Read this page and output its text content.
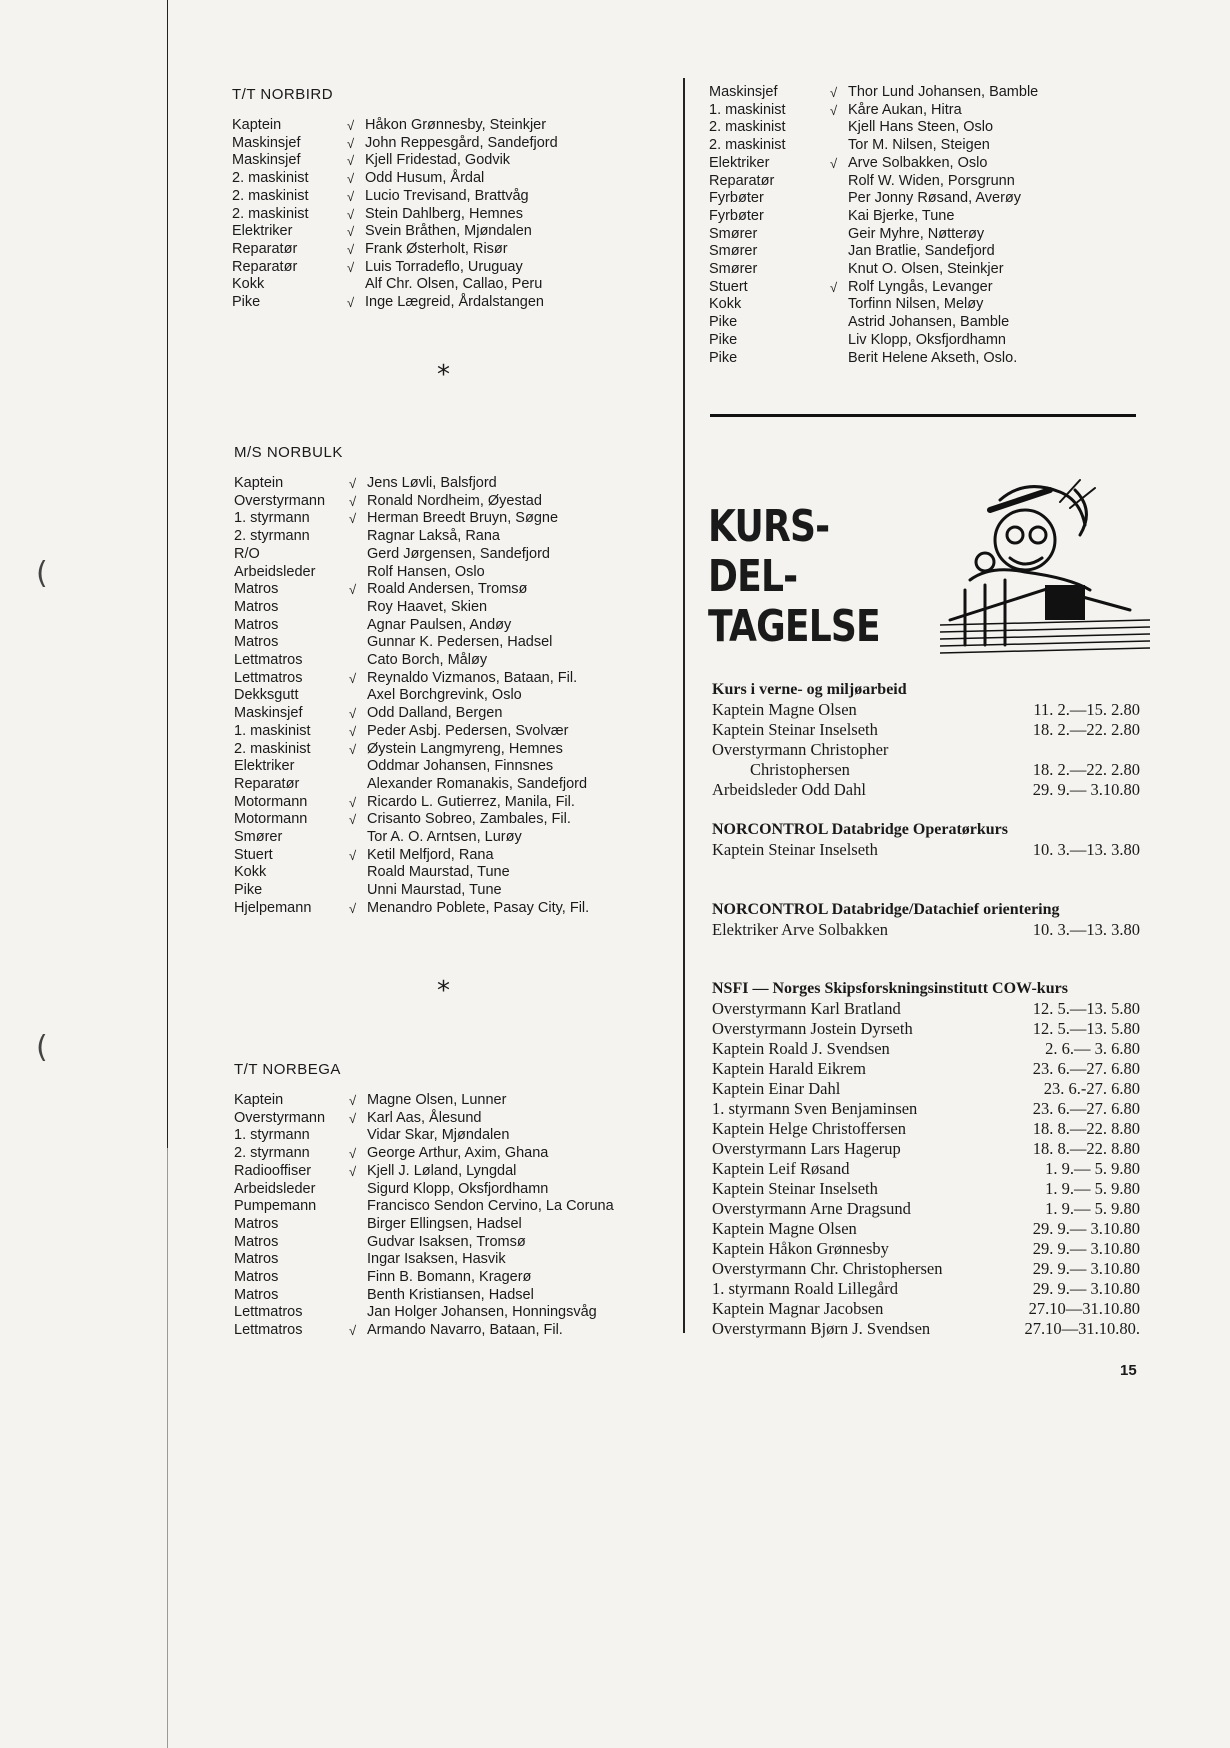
(
(
T/T NORBIRD
Kaptein	√	Håkon Grønnesby, Steinkjer
Maskinsjef	√	John Reppesgård, Sandefjord
Maskinsjef	√	Kjell Fridestad, Godvik
2. maskinist	√	Odd Husum, Årdal
2. maskinist	√	Lucio Trevisand, Brattvåg
2. maskinist	√	Stein Dahlberg, Hemnes
Elektriker	√	Svein Bråthen, Mjøndalen
Reparatør	√	Frank Østerholt, Risør
Reparatør	√	Luis Torradeflo, Uruguay
Kokk		Alf Chr. Olsen, Callao, Peru
Pike	√	Inge Lægreid, Årdalstangen
Maskinsjef	√	Thor Lund Johansen, Bamble
1. maskinist	√	Kåre Aukan, Hitra
2. maskinist		Kjell Hans Steen, Oslo
2. maskinist		Tor M. Nilsen, Steigen
Elektriker	√	Arve Solbakken, Oslo
Reparatør		Rolf W. Widen, Porsgrunn
Fyrbøter		Per Jonny Røsand, Averøy
Fyrbøter		Kai Bjerke, Tune
Smører		Geir Myhre, Nøtterøy
Smører		Jan Bratlie, Sandefjord
Smører		Knut O. Olsen, Steinkjer
Stuert	√	Rolf Lyngås, Levanger
Kokk		Torfinn Nilsen, Meløy
Pike		Astrid Johansen, Bamble
Pike		Liv Klopp, Oksfjordhamn
Pike		Berit Helene Akseth, Oslo.
*
M/S NORBULK
Kaptein	√	Jens Løvli, Balsfjord
Overstyrmann	√	Ronald Nordheim, Øyestad
1. styrmann	√	Herman Breedt Bruyn, Søgne
2. styrmann		Ragnar Lakså, Rana
R/O		Gerd Jørgensen, Sandefjord
Arbeidsleder		Rolf Hansen, Oslo
Matros	√	Roald Andersen, Tromsø
Matros		Roy Haavet, Skien
Matros		Agnar Paulsen, Andøy
Matros		Gunnar K. Pedersen, Hadsel
Lettmatros		Cato Borch, Måløy
Lettmatros	√	Reynaldo Vizmanos, Bataan, Fil.
Dekksgutt		Axel Borchgrevink, Oslo
Maskinsjef	√	Odd Dalland, Bergen
1. maskinist	√	Peder Asbj. Pedersen, Svolvær
2. maskinist	√	Øystein Langmyreng, Hemnes
Elektriker		Oddmar Johansen, Finnsnes
Reparatør		Alexander Romanakis, Sandefjord
Motormann	√	Ricardo L. Gutierrez, Manila, Fil.
Motormann	√	Crisanto Sobreo, Zambales, Fil.
Smører		Tor A. O. Arntsen, Lurøy
Stuert	√	Ketil Melfjord, Rana
Kokk		Roald Maurstad, Tune
Pike		Unni Maurstad, Tune
Hjelpemann	√	Menandro Poblete, Pasay City, Fil.
*
T/T NORBEGA
Kaptein	√	Magne Olsen, Lunner
Overstyrmann	√	Karl Aas, Ålesund
1. styrmann		Vidar Skar, Mjøndalen
2. styrmann	√	George Arthur, Axim, Ghana
Radiooffiser	√	Kjell J. Løland, Lyngdal
Arbeidsleder		Sigurd Klopp, Oksfjordhamn
Pumpemann		Francisco Sendon Cervino, La Coruna
Matros		Birger Ellingsen, Hadsel
Matros		Gudvar Isaksen, Tromsø
Matros		Ingar Isaksen, Hasvik
Matros		Finn B. Bomann, Kragerø
Matros		Benth Kristiansen, Hadsel
Lettmatros		Jan Holger Johansen, Honningsvåg
Lettmatros	√	Armando Navarro, Bataan, Fil.
KURS-
DEL-
TAGELSE
Kurs i verne- og miljøarbeid
Kaptein Magne Olsen	11. 2.—15. 2.80
Kaptein Steinar Inselseth	18. 2.—22. 2.80
Overstyrmann Christopher	
Christophersen	18. 2.—22. 2.80
Arbeidsleder Odd Dahl	29. 9.— 3.10.80
NORCONTROL Databridge Operatørkurs
Kaptein Steinar Inselseth	10. 3.—13. 3.80
NORCONTROL Databridge/Datachief orientering
Elektriker Arve Solbakken	10. 3.—13. 3.80
NSFI — Norges Skipsforskningsinstitutt COW-kurs
Overstyrmann Karl Bratland	12. 5.—13. 5.80
Overstyrmann Jostein Dyrseth	12. 5.—13. 5.80
Kaptein Roald J. Svendsen	2. 6.— 3. 6.80
Kaptein Harald Eikrem	23. 6.—27. 6.80
Kaptein Einar Dahl	23. 6.-27. 6.80
1. styrmann Sven Benjaminsen	23. 6.—27. 6.80
Kaptein Helge Christoffersen	18. 8.—22. 8.80
Overstyrmann Lars Hagerup	18. 8.—22. 8.80
Kaptein Leif Røsand	1. 9.— 5. 9.80
Kaptein Steinar Inselseth	1. 9.— 5. 9.80
Overstyrmann Arne Dragsund	1. 9.— 5. 9.80
Kaptein Magne Olsen	29. 9.— 3.10.80
Kaptein Håkon Grønnesby	29. 9.— 3.10.80
Overstyrmann Chr. Christophersen	29. 9.— 3.10.80
1. styrmann Roald Lillegård	29. 9.— 3.10.80
Kaptein Magnar Jacobsen	27.10—31.10.80
Overstyrmann Bjørn J. Svendsen	27.10—31.10.80.
15
